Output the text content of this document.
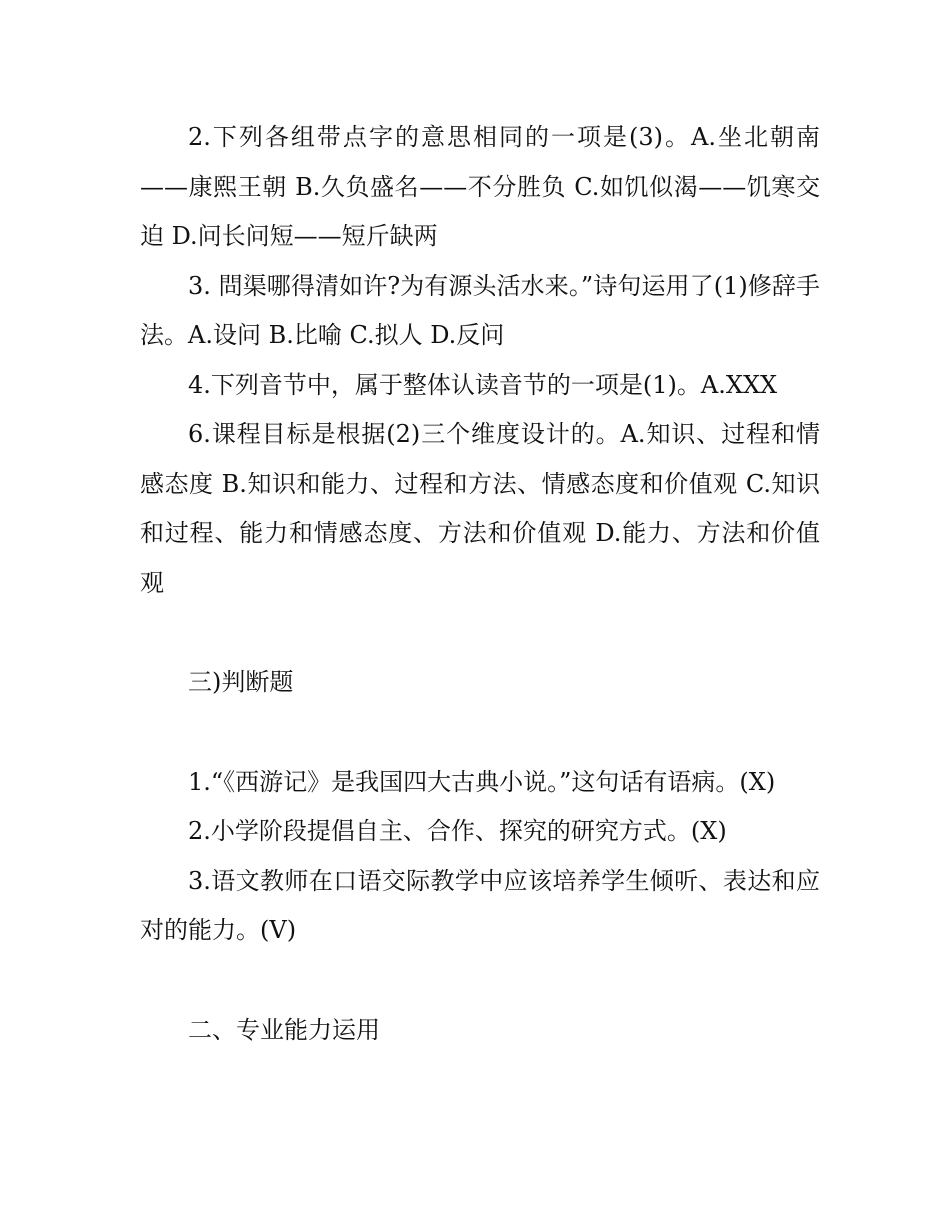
2.下列各组带点字的意思相同的一项是(3)。A.坐北朝南——康熙王朝 B.久负盛名——不分胜负 C.如饥似渴——饥寒交迫 D.问长问短——短斤缺两

3. 問渠哪得清如许?为有源头活水来。”诗句运用了(1)修辞手法。A.设问 B.比喻 C.拟人 D.反问

4.下列音节中，属于整体认读音节的一项是(1)。A.XXX

6.课程目标是根据(2)三个维度设计的。A.知识、过程和情感态度 B.知识和能力、过程和方法、情感态度和价值观 C.知识和过程、能力和情感态度、方法和价值观 D.能力、方法和价值观

三)判断题

1.“《西游记》是我国四大古典小说。”这句话有语病。(X)

2.小学阶段提倡自主、合作、探究的研究方式。(X)

3.语文教师在口语交际教学中应该培养学生倾听、表达和应对的能力。(V)

二、专业能力运用
